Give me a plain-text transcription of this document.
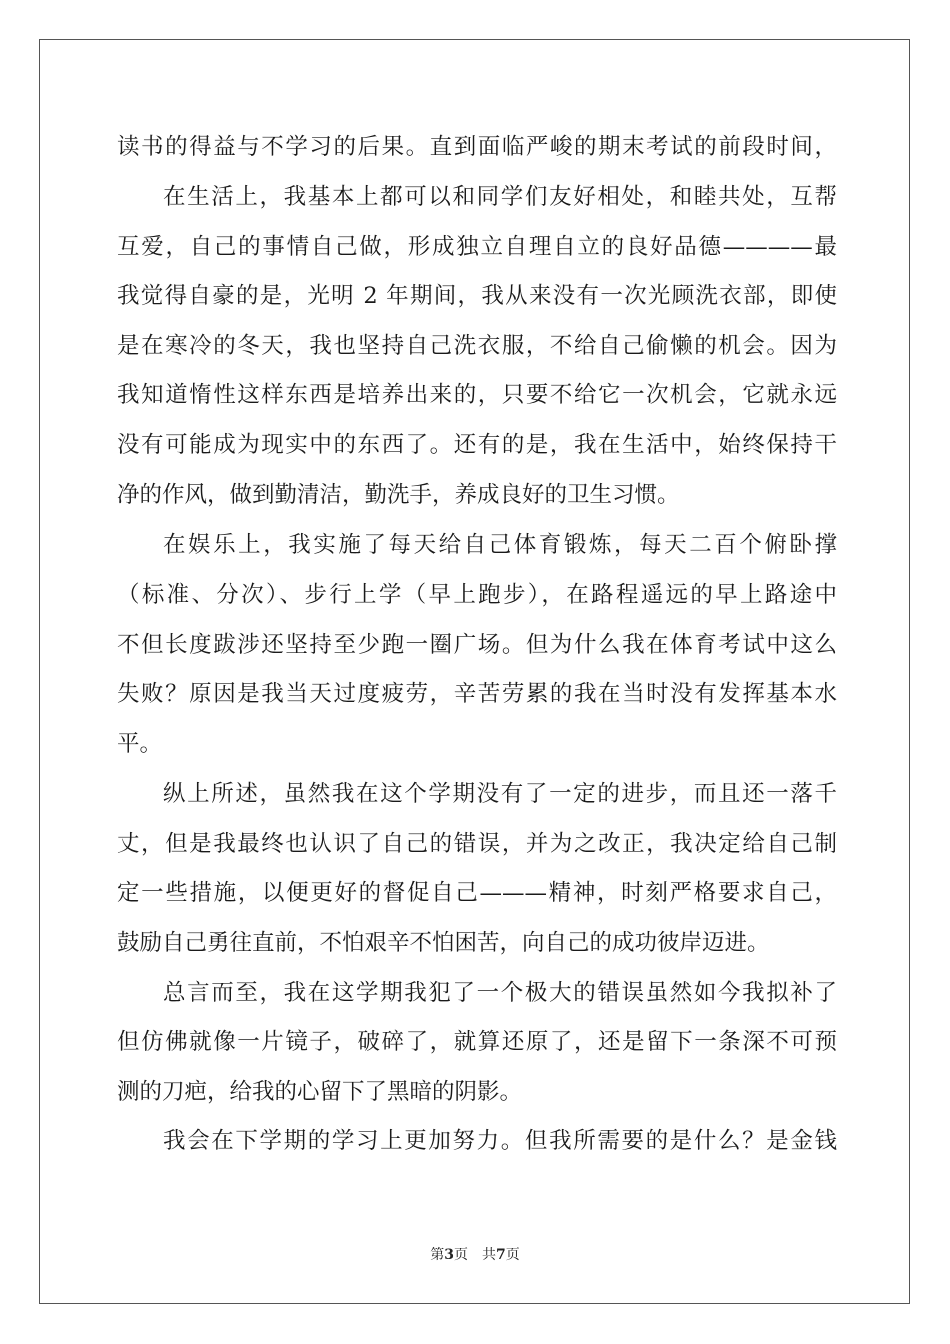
读书的得益与不学习的后果。直到面临严峻的期末考试的前段时间，
在生活上，我基本上都可以和同学们友好相处，和睦共处，互帮
互爱，自己的事情自己做，形成独立自理自立的良好品德————最
我觉得自豪的是，光明 2 年期间，我从来没有一次光顾洗衣部，即使
是在寒冷的冬天，我也坚持自己洗衣服，不给自己偷懒的机会。因为
我知道惰性这样东西是培养出来的，只要不给它一次机会，它就永远
没有可能成为现实中的东西了。还有的是，我在生活中，始终保持干
净的作风，做到勤清洁，勤洗手，养成良好的卫生习惯。
在娱乐上，我实施了每天给自己体育锻炼，每天二百个俯卧撑
（标准、分次）、步行上学（早上跑步），在路程遥远的早上路途中
不但长度跋涉还坚持至少跑一圈广场。但为什么我在体育考试中这么
失败？原因是我当天过度疲劳，辛苦劳累的我在当时没有发挥基本水
平。
纵上所述，虽然我在这个学期没有了一定的进步，而且还一落千
丈，但是我最终也认识了自己的错误，并为之改正，我决定给自己制
定一些措施，以便更好的督促自己———精神，时刻严格要求自己，
鼓励自己勇往直前，不怕艰辛不怕困苦，向自己的成功彼岸迈进。
总言而至，我在这学期我犯了一个极大的错误虽然如今我拟补了
但仿佛就像一片镜子，破碎了，就算还原了，还是留下一条深不可预
测的刀疤，给我的心留下了黑暗的阴影。
我会在下学期的学习上更加努力。但我所需要的是什么？是金钱
第3页　共7页
